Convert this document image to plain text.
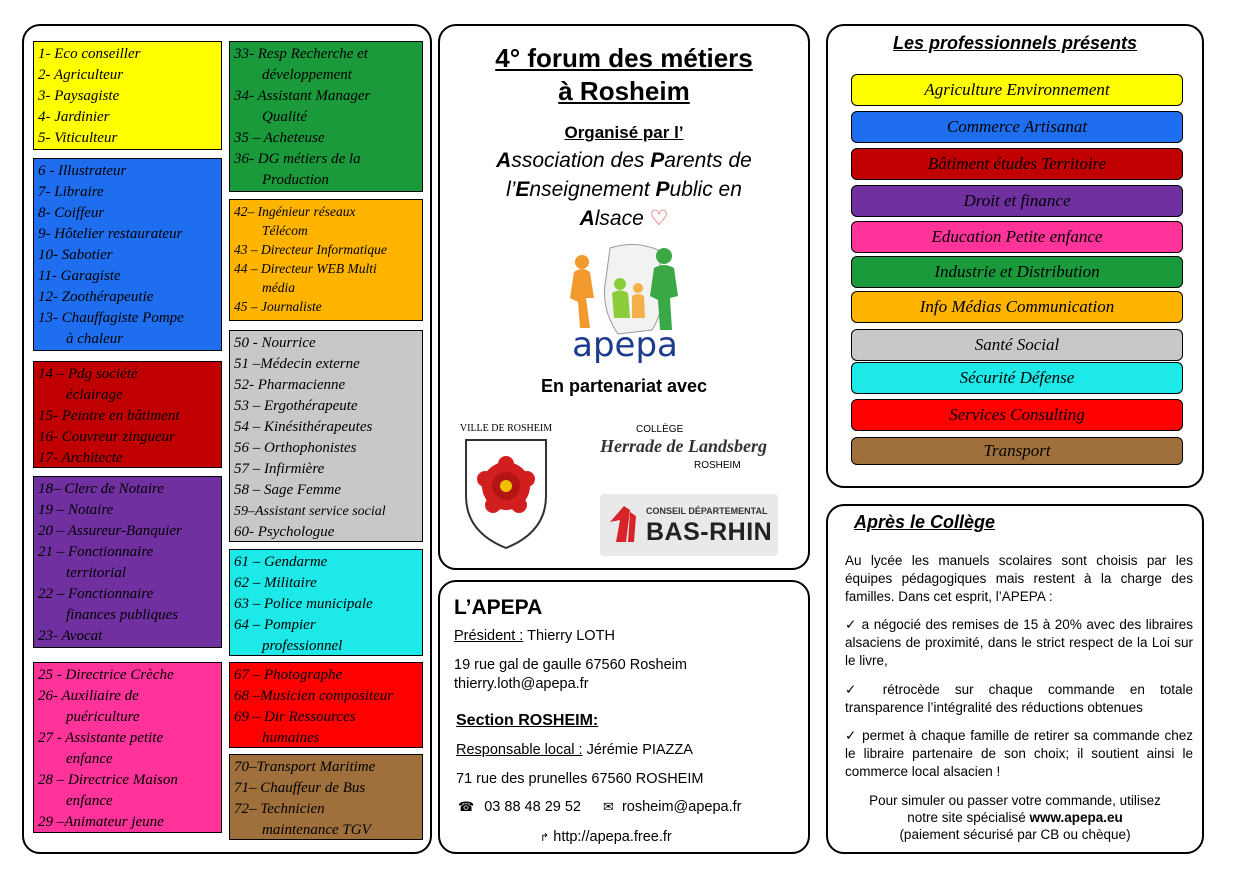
1- Eco conseiller
2- Agriculteur
3- Paysagiste
4- Jardinier
5- Viticulteur
6 - Illustrateur
7- Libraire
8- Coiffeur
9- Hôtelier restaurateur
10- Sabotier
11- Garagiste
12- Zoothérapeutie
13- Chauffagiste Pompe
à chaleur
14 – Pdg société
éclairage
15- Peintre en bâtiment
16- Couvreur zingueur
17- Architecte
18– Clerc de Notaire
19 – Notaire
20 – Assureur-Banquier
21 – Fonctionnaire
territorial
22 – Fonctionnaire
finances publiques
23- Avocat
25 - Directrice Crèche
26- Auxiliaire de
puériculture
27 - Assistante petite
enfance
28 – Directrice Maison
enfance
29 –Animateur jeune
33- Resp Recherche et
développement
34- Assistant Manager
Qualité
35 – Acheteuse
36- DG métiers de la
Production
42– Ingénieur réseaux
Télécom
43 – Directeur Informatique
44 – Directeur WEB Multi
média
45 – Journaliste
50 - Nourrice
51 –Médecin externe
52- Pharmacienne
53 – Ergothérapeute
54 – Kinésithérapeutes
56 – Orthophonistes
57 – Infirmière
58 – Sage Femme
59–Assistant service social
60- Psychologue
61 – Gendarme
62 – Militaire
63 – Police municipale
64 – Pompier
professionnel
67 – Photographe
68 –Musicien compositeur
69 – Dir Ressources
humaines
70–Transport Maritime
71– Chauffeur de Bus
72– Technicien
maintenance TGV
4° forum des métiers
à Rosheim
Organisé par l’
Association des Parents de
l’Enseignement Public en
Alsace ♡
apepa
En partenariat avec
VILLE DE ROSHEIM	COLLÈGE
Herrade de Landsberg
ROSHEIM
CONSEIL DÉPARTEMENTAL
BAS-RHIN
L’APEPA
Président : Thierry LOTH
19 rue gal de gaulle 67560 Rosheim
thierry.loth@apepa.fr
Section ROSHEIM:
Responsable local : Jérémie PIAZZA
71 rue des prunelles 67560 ROSHEIM
☎ 03 88 48 29 52 ✉ rosheim@apepa.fr
↱ http://apepa.free.fr
Les professionnels présents
Agriculture Environnement
Commerce Artisanat
Bâtiment études Territoire
Droit et finance
Education Petite enfance
Industrie et Distribution
Info Médias Communication
Santé Social
Sécurité Défense
Services Consulting
Transport
Après le Collège
Au lycée les manuels scolaires sont choisis par les équipes pédagogiques mais restent à la charge des familles. Dans cet esprit, l’APEPA :
✓ a négocié des remises de 15 à 20% avec des libraires alsaciens de proximité, dans le strict respect de la Loi sur le livre,
✓ rétrocède sur chaque commande en totale transparence l’intégralité des réductions obtenues
✓ permet à chaque famille de retirer sa commande chez le libraire partenaire de son choix; il soutient ainsi le commerce local alsacien !
Pour simuler ou passer votre commande, utilisez
notre site spécialisé www.apepa.eu
(paiement sécurisé par CB ou chèque)
